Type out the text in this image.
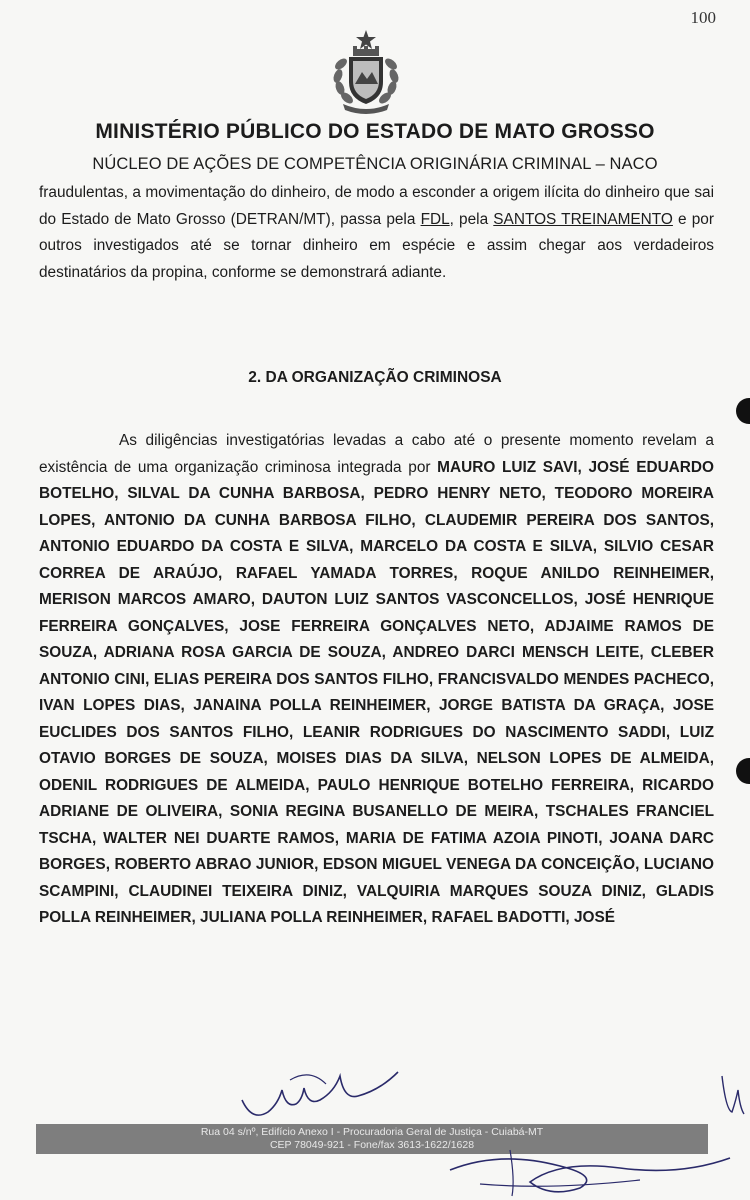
100
MINISTÉRIO PÚBLICO DO ESTADO DE MATO GROSSO
NÚCLEO DE AÇÕES DE COMPETÊNCIA ORIGINÁRIA CRIMINAL – NACO
fraudulentas, a movimentação do dinheiro, de modo a esconder a origem ilícita do dinheiro que sai do Estado de Mato Grosso (DETRAN/MT), passa pela FDL, pela SANTOS TREINAMENTO e por outros investigados até se tornar dinheiro em espécie e assim chegar aos verdadeiros destinatários da propina, conforme se demonstrará adiante.
2. DA ORGANIZAÇÃO CRIMINOSA
As diligências investigatórias levadas a cabo até o presente momento revelam a existência de uma organização criminosa integrada por MAURO LUIZ SAVI, JOSÉ EDUARDO BOTELHO, SILVAL DA CUNHA BARBOSA, PEDRO HENRY NETO, TEODORO MOREIRA LOPES, ANTONIO DA CUNHA BARBOSA FILHO, CLAUDEMIR PEREIRA DOS SANTOS, ANTONIO EDUARDO DA COSTA E SILVA, MARCELO DA COSTA E SILVA, SILVIO CESAR CORREA DE ARAÚJO, RAFAEL YAMADA TORRES, ROQUE ANILDO REINHEIMER, MERISON MARCOS AMARO, DAUTON LUIZ SANTOS VASCONCELLOS, JOSÉ HENRIQUE FERREIRA GONÇALVES, JOSE FERREIRA GONÇALVES NETO, ADJAIME RAMOS DE SOUZA, ADRIANA ROSA GARCIA DE SOUZA, ANDREO DARCI MENSCH LEITE, CLEBER ANTONIO CINI, ELIAS PEREIRA DOS SANTOS FILHO, FRANCISVALDO MENDES PACHECO, IVAN LOPES DIAS, JANAINA POLLA REINHEIMER, JORGE BATISTA DA GRAÇA, JOSE EUCLIDES DOS SANTOS FILHO, LEANIR RODRIGUES DO NASCIMENTO SADDI, LUIZ OTAVIO BORGES DE SOUZA, MOISES DIAS DA SILVA, NELSON LOPES DE ALMEIDA, ODENIL RODRIGUES DE ALMEIDA, PAULO HENRIQUE BOTELHO FERREIRA, RICARDO ADRIANE DE OLIVEIRA, SONIA REGINA BUSANELLO DE MEIRA, TSCHALES FRANCIEL TSCHA, WALTER NEI DUARTE RAMOS, MARIA DE FATIMA AZOIA PINOTI, JOANA DARC BORGES, ROBERTO ABRAO JUNIOR, EDSON MIGUEL VENEGA DA CONCEIÇÃO, LUCIANO SCAMPINI, CLAUDINEI TEIXEIRA DINIZ, VALQUIRIA MARQUES SOUZA DINIZ, GLADIS POLLA REINHEIMER, JULIANA POLLA REINHEIMER, RAFAEL BADOTTI, JOSÉ
Rua 04 s/nº, Edifício Anexo I - Procuradoria Geral de Justiça - Cuiabá-MT
CEP 78049-921 - Fone/fax 3613-1622/1628
